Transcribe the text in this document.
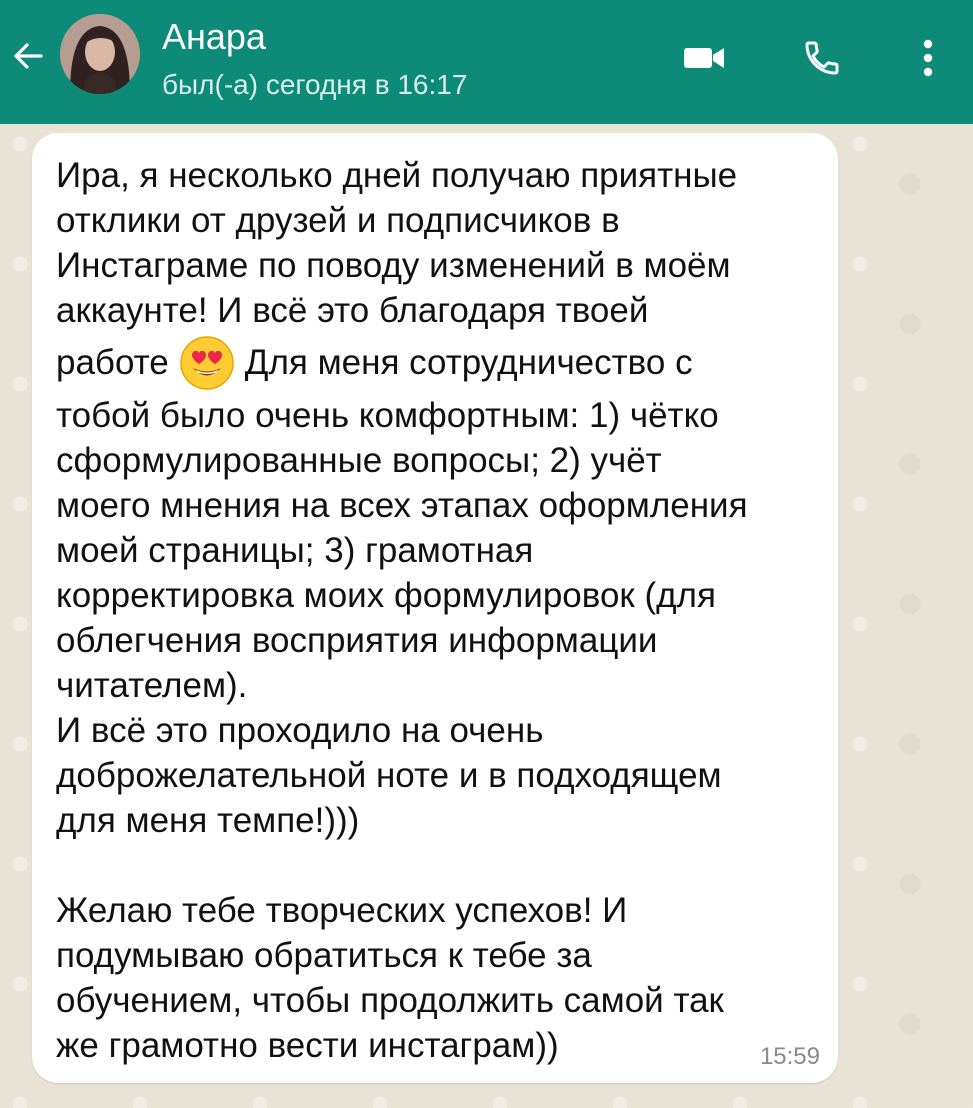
Анара
был(-а) сегодня в 16:17
Ира, я несколько дней получаю приятные
отклики от друзей и подписчиков в
Инстаграме по поводу изменений в моём
аккаунте! И всё это благодаря твоей
работе Для меня сотрудничество с
тобой было очень комфортным: 1) чётко
сформулированные вопросы; 2) учёт
моего мнения на всех этапах оформления
моей страницы; 3) грамотная
корректировка моих формулировок (для
облегчения восприятия информации
читателем).
И всё это проходило на очень
доброжелательной ноте и в подходящем
для меня темпе!)))
Желаю тебе творческих успехов! И
подумываю обратиться к тебе за
обучением, чтобы продолжить самой так
же грамотно вести инстаграм))	15:59
